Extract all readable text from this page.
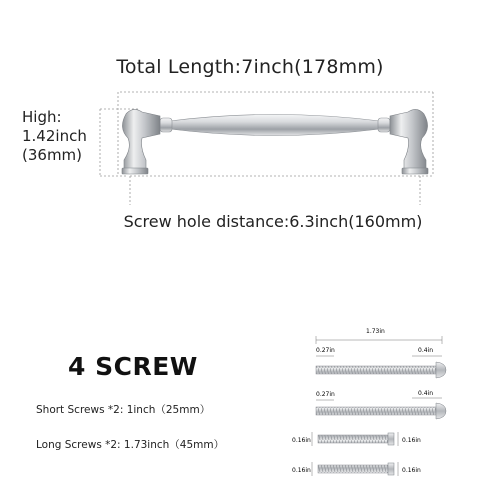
Total Length:7inch(178mm)
High:
1.42inch
(36mm)
Screw hole distance:6.3inch(160mm)
4 SCREW
Short Screws *2: 1inch（25mm）
Long Screws *2: 1.73inch（45mm）
1.73in
0.27in	0.4in
0.27in	0.4in
0.16in	0.16in
0.16in	0.16in
